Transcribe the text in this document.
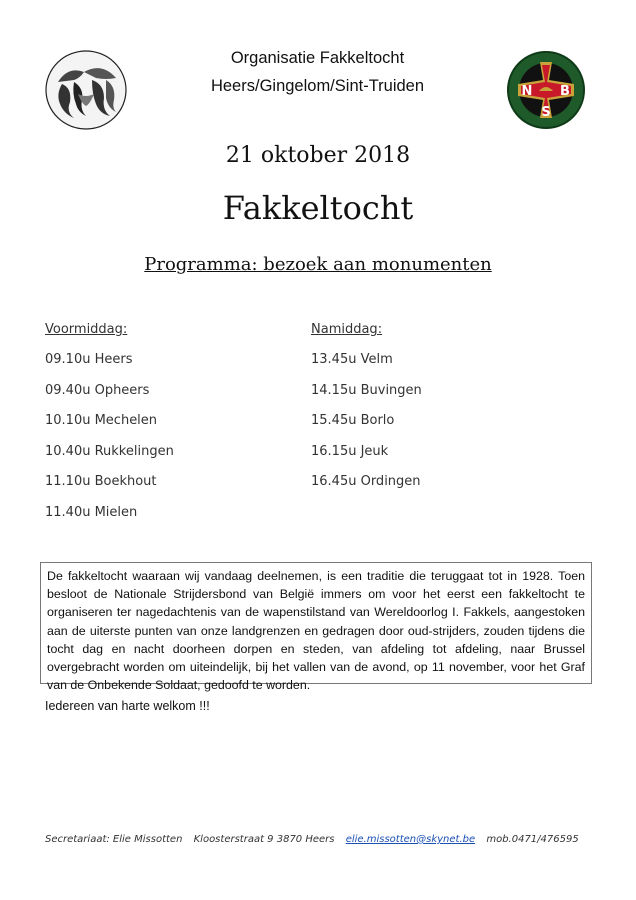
Organisatie Fakkeltocht
Heers/Gingelom/Sint-Truiden	N B
S
21 oktober 2018
Fakkeltocht
Programma: bezoek aan monumenten
Voormiddag:
09.10u Heers
09.40u Opheers
10.10u Mechelen
10.40u Rukkelingen
11.10u Boekhout
11.40u Mielen
Namiddag:
13.45u Velm
14.15u Buvingen
15.45u Borlo
16.15u Jeuk
16.45u Ordingen
De fakkeltocht waaraan wij vandaag deelnemen, is een traditie die teruggaat tot in 1928. Toen besloot de Nationale Strijdersbond van België immers om voor het eerst een fakkeltocht te organiseren ter nagedachtenis van de wapenstilstand van Wereldoorlog I. Fakkels, aangestoken aan de uiterste punten van onze landgrenzen en gedragen door oud-strijders, zouden tijdens die tocht dag en nacht doorheen dorpen en steden, van afdeling tot afdeling, naar Brussel overgebracht worden om uiteindelijk, bij het vallen van de avond, op 11 november, voor het Graf van de Onbekende Soldaat, gedoofd te worden.
Iedereen van harte welkom !!!
Secretariaat: Elie Missotten Kloosterstraat 9 3870 Heers elie.missotten@skynet.be mob.0471/476595
